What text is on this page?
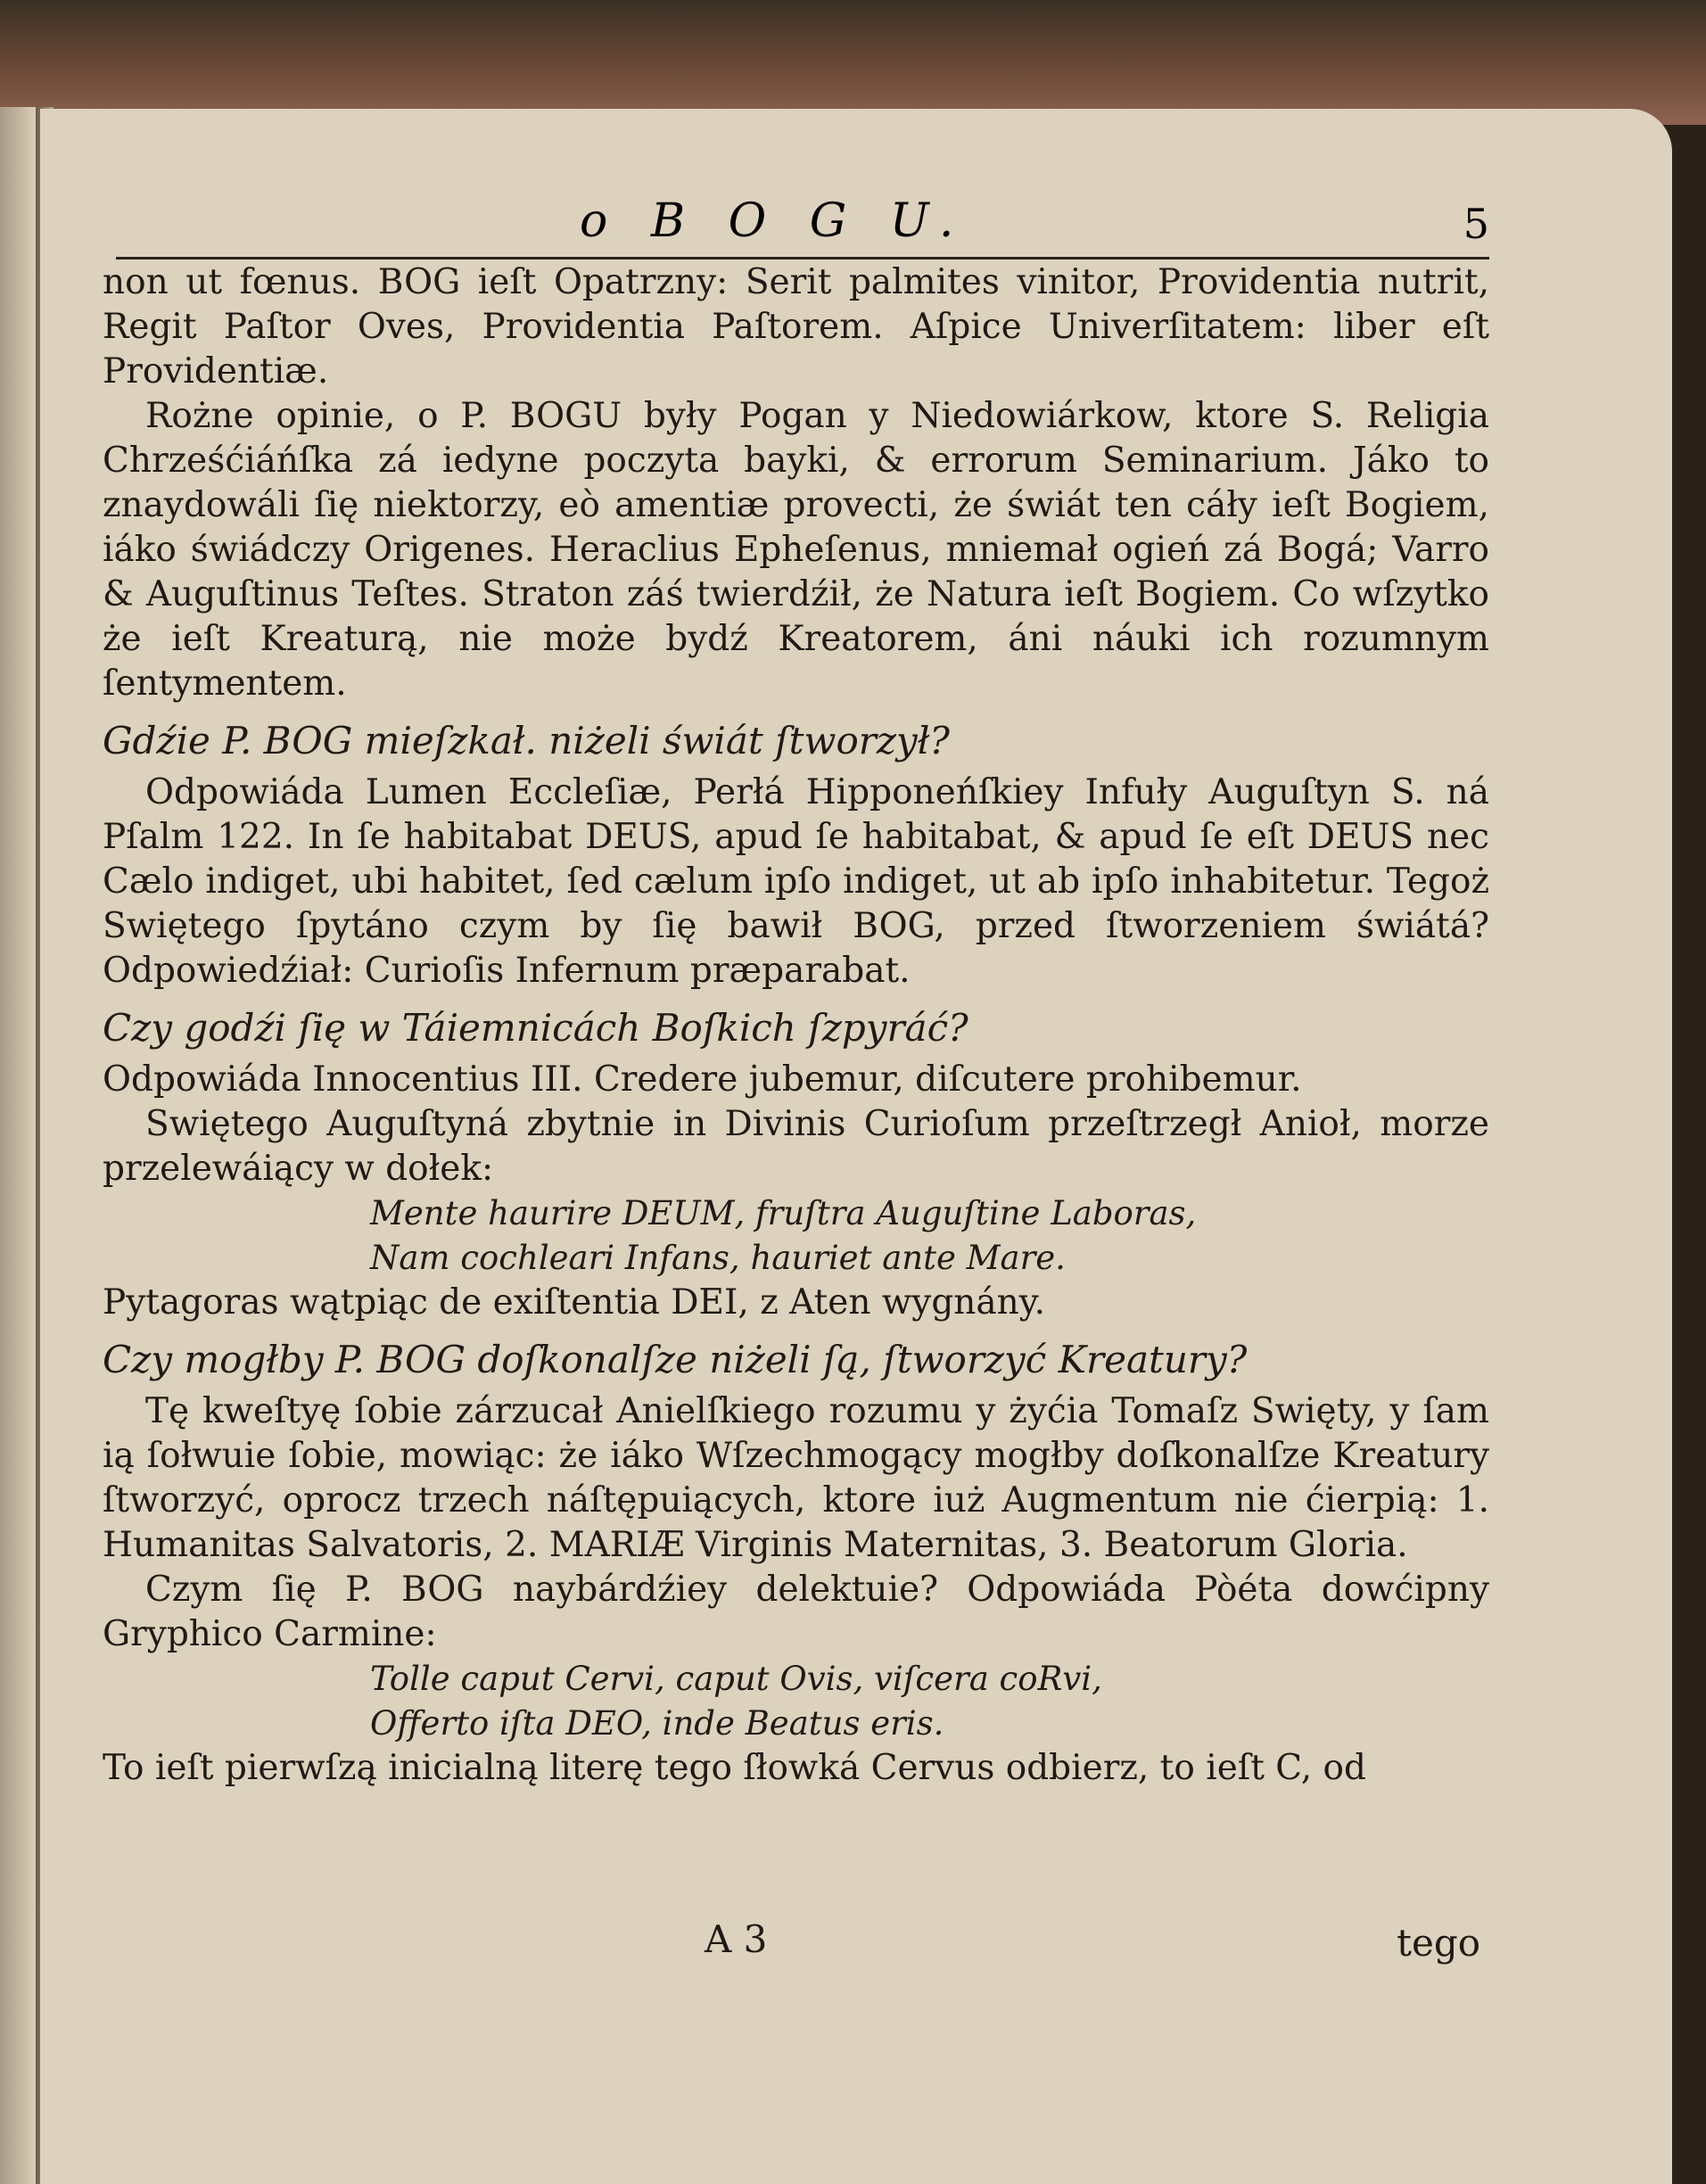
o B O G U.	5

non ut fœnus. BOG ieſt Opatrzny: Serit palmites vinitor, Providentia nutrit, Regit Paſtor Oves, Providentia Paſtorem. Aſpice Univerſitatem: liber eſt Providentiæ.

Rożne opinie, o P. BOGU były Pogan y Niedowiárkow, ktore S. Religia Chrześćiáńſka zá iedyne poczyta bayki, & errorum Seminarium. Jáko to znaydowáli ſię niektorzy, eò amentiæ provecti, że świát ten cáły ieſt Bogiem, iáko świádczy Origenes. Heraclius Epheſenus, mniemał ogień zá Bogá; Varro & Auguſtinus Teſtes. Straton záś twierdźił, że Natura ieſt Bogiem. Co wſzytko że ieſt Kreaturą, nie może bydź Kreatorem, áni náuki ich rozumnym ſentymentem.

Gdźie P. BOG mieſzkał. niżeli świát ſtworzył?

Odpowiáda Lumen Eccleſiæ, Perłá Hipponeńſkiey Infuły Auguſtyn S. ná Pſalm 122. In ſe habitabat DEUS, apud ſe habitabat, & apud ſe eſt DEUS nec Cælo indiget, ubi habitet, ſed cælum ipſo indiget, ut ab ipſo inhabitetur. Tegoż Swiętego ſpytáno czym by ſię bawił BOG, przed ſtworzeniem świátá? Odpowiedźiał: Curioſis Infernum præparabat.

Czy godźi ſię w Táiemnicách Boſkich ſzpyráć?

Odpowiáda Innocentius III. Credere jubemur, diſcutere prohibemur.

Swiętego Auguſtyná zbytnie in Divinis Curioſum przeſtrzegł Anioł, morze przelewáiący w dołek:

Mente haurire DEUM, fruſtra Auguſtine Laboras,

Nam cochleari Infans, hauriet ante Mare.

Pytagoras wątpiąc de exiſtentia DEI, z Aten wygnány.

Czy mogłby P. BOG doſkonalſze niżeli ſą, ſtworzyć Kreatury?

Tę kweſtyę ſobie zárzucał Anielſkiego rozumu y żyćia Tomaſz Swięty, y ſam ią ſołwuie ſobie, mowiąc: że iáko Wſzechmogący mogłby doſkonalſze Kreatury ſtworzyć, oprocz trzech náſtępuiących, ktore iuż Augmentum nie ćierpią: 1. Humanitas Salvatoris, 2. MARIÆ Virginis Maternitas, 3. Beatorum Gloria.

Czym ſię P. BOG naybárdźiey delektuie? Odpowiáda Pòéta dowćipny Gryphico Carmine:

Tolle caput Cervi, caput Ovis, viſcera coRvi,

Offerto iſta DEO, inde Beatus eris.

To ieſt pierwſzą inicialną literę tego ſłowká Cervus odbierz, to ieſt C, od

A 3	tego
